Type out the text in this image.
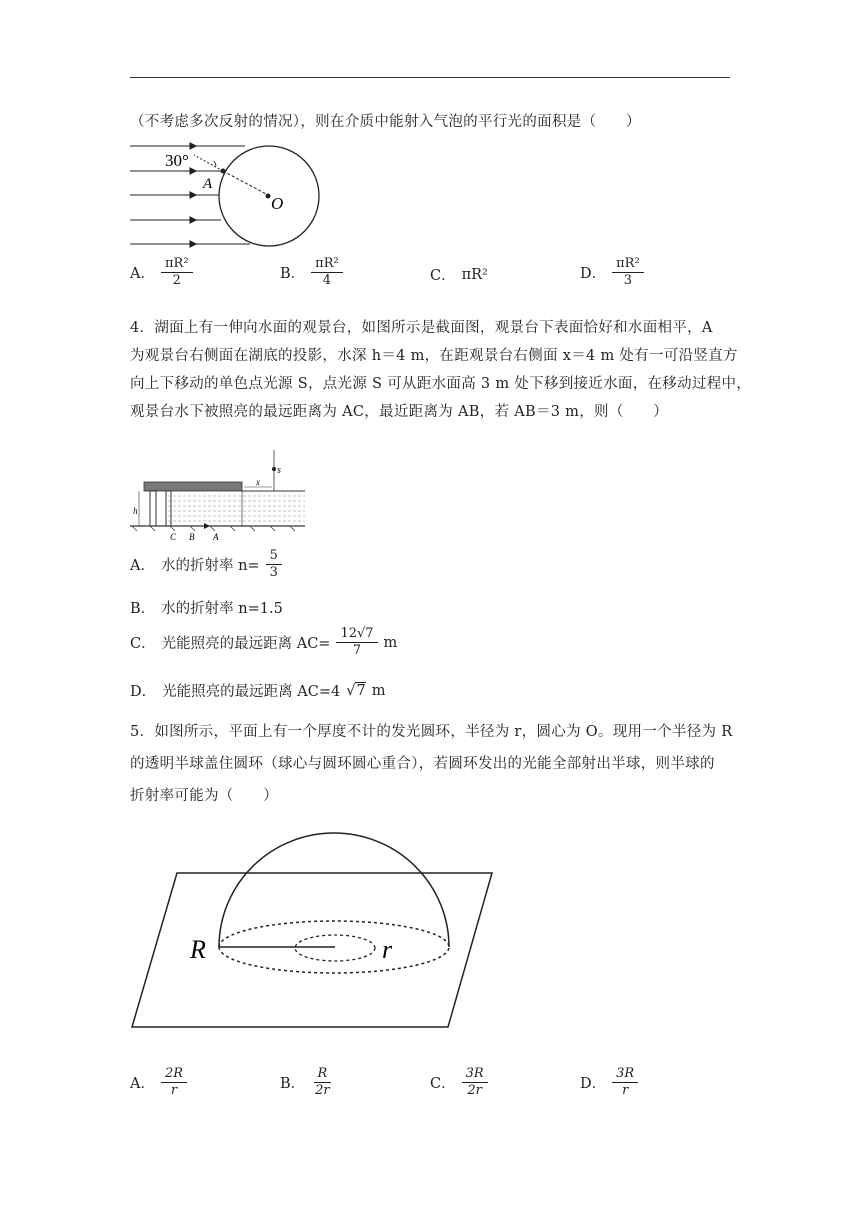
（不考虑多次反射的情况），则在介质中能射入气泡的平行光的面积是（　　）
30°
A
O
A． $\frac{\text{πR²}}{2}$	B． $\frac{\text{πR²}}{4}$	C． πR²	D． $\frac{\text{πR²}}{3}$
4．湖面上有一伸向水面的观景台，如图所示是截面图，观景台下表面恰好和水面相平，A
为观景台右侧面在湖底的投影，水深 h＝4 m，在距观景台右侧面 x＝4 m 处有一可沿竖直方
向上下移动的单色点光源 S，点光源 S 可从距水面高 3 m 处下移到接近水面，在移动过程中，
观景台水下被照亮的最远距离为 AC，最近距离为 AB，若 AB＝3 m，则（　　）
s
x
h
C B A
A． 水的折射率 $n= \frac{5}{3}$
B． 水的折射率 n=1.5
C． 光能照亮的最远距离 $AC= \frac{12√7}{7}$ m
D． 光能照亮的最远距离 AC=4 √7 m
5．如图所示，平面上有一个厚度不计的发光圆环，半径为 r，圆心为 O。现用一个半径为 R
的透明半球盖住圆环（球心与圆环圆心重合），若圆环发出的光能全部射出半球，则半球的
折射率可能为（　　）
R	r
A． $\frac{2R}{r}$	B． $\frac{R}{2r}$	C． $\frac{3R}{2r}$	D． $\frac{3R}{r}$
